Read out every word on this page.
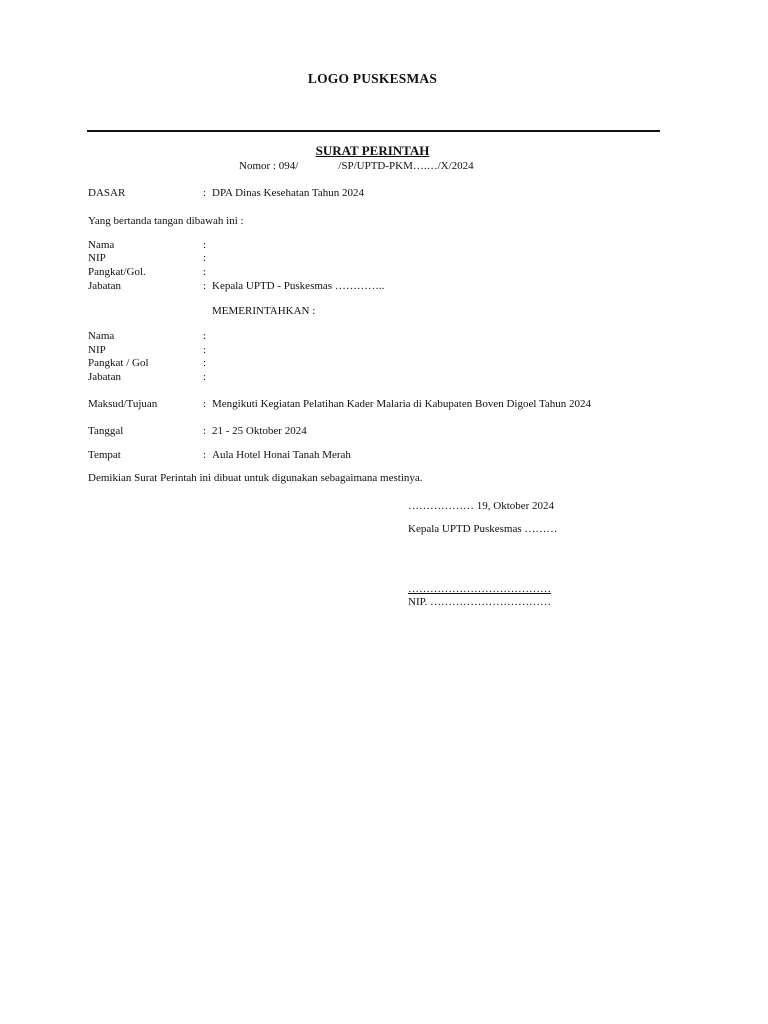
LOGO PUSKESMAS
SURAT PERINTAH
Nomor : 094/	/SP/UPTD-PKM….…/X/2024
DASAR	: DPA Dinas Kesehatan Tahun 2024
Yang bertanda tangan dibawah ini :
Nama	:
NIP	:
Pangkat/Gol.	:
Jabatan	: Kepala UPTD - Puskesmas …………..
MEMERINTAHKAN :
Nama	:
NIP	:
Pangkat / Gol	:
Jabatan	:
Maksud/Tujuan	: Mengikuti Kegiatan Pelatihan Kader Malaria di Kabupaten Boven Digoel Tahun 2024
Tanggal	: 21 - 25 Oktober 2024
Tempat	: Aula Hotel Honai Tanah Merah
Demikian Surat Perintah ini dibuat untuk digunakan sebagaimana mestinya.
……………… 19, Oktober 2024
Kepala UPTD Puskesmas ………
…………………………………
NIP. ……………………………
